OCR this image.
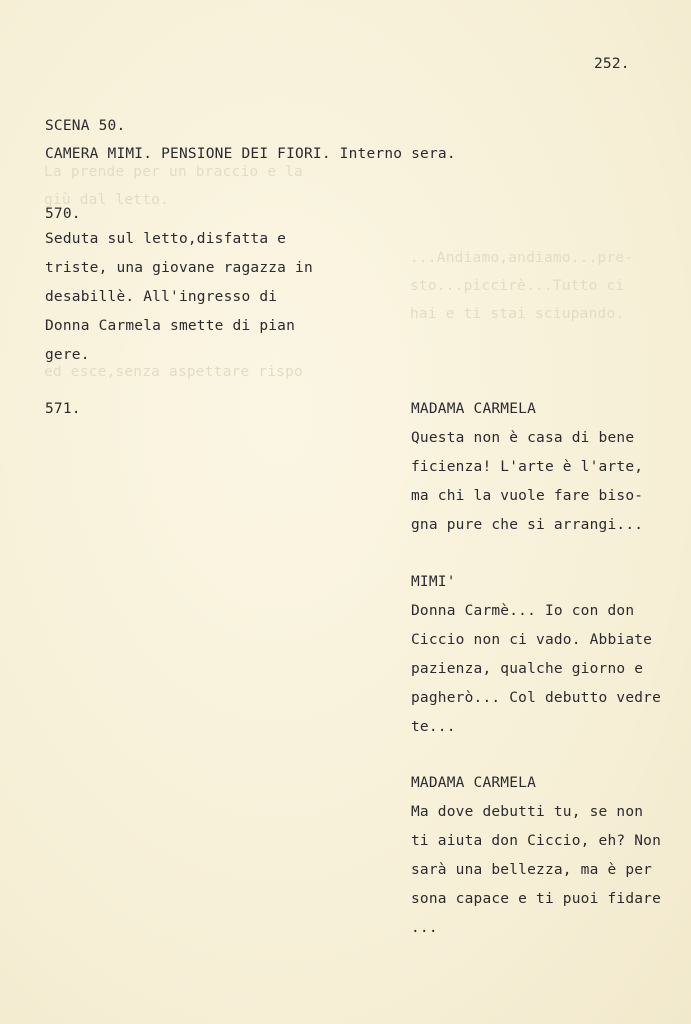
La prende per un braccio e la
giù dal letto.
ed esce,senza aspettare rispo
...Andiamo,andiamo...pre-
sto...piccirè...Tutto ci
hai e ti stai sciupando.
252.
SCENA 50.
CAMERA MIMI. PENSIONE DEI FIORI. Interno sera.
570.
Seduta sul letto,disfatta e
triste, una giovane ragazza in
desabillè. All'ingresso di
Donna Carmela smette di pian
gere.
571.	MADAMA CARMELA
Questa non è casa di bene
ficienza! L'arte è l'arte,
ma chi la vuole fare biso-
gna pure che si arrangi...
MIMI'
Donna Carmè... Io con don
Ciccio non ci vado. Abbiate
pazienza, qualche giorno e
pagherò... Col debutto vedre
te...
MADAMA CARMELA
Ma dove debutti tu, se non
ti aiuta don Ciccio, eh? Non
sarà una bellezza, ma è per
sona capace e ti puoi fidare
...
